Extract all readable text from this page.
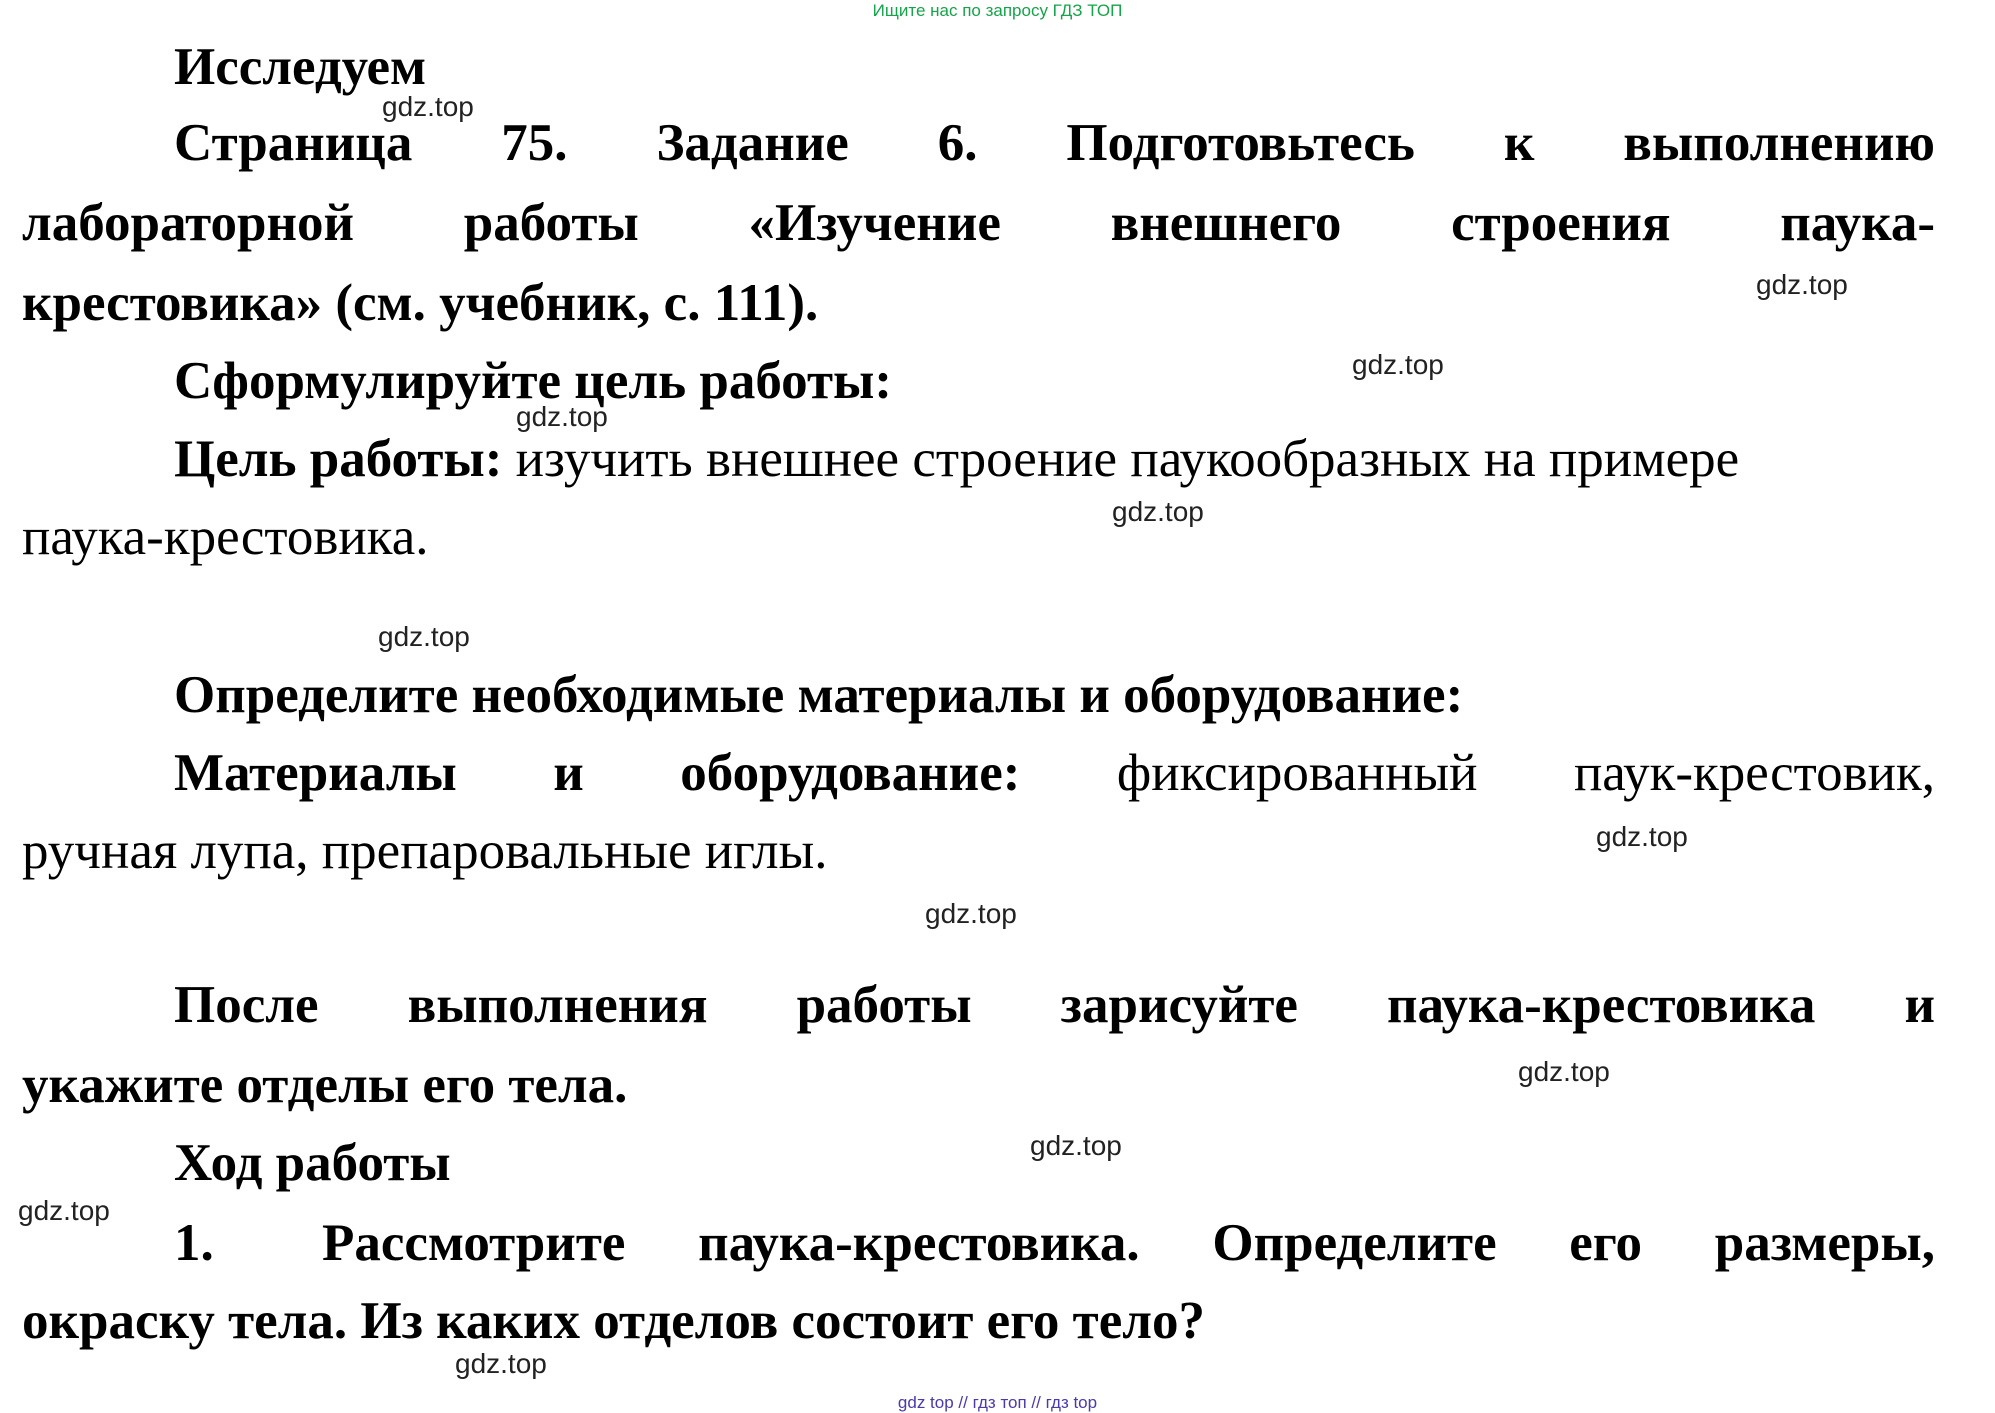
Ищите нас по запросу ГДЗ ТОП
Исследуем
Страница 75. Задание 6. Подготовьтесь к выполнению
лабораторной работы «Изучение внешнего строения паука-
крестовика» (см. учебник, с. 111).
Сформулируйте цель работы:
Цель работы: изучить внешнее строение паукообразных на примере
паука-крестовика.
Определите необходимые материалы и оборудование:
Материалы и оборудование: фиксированный паук-крестовик,
ручная лупа, препаровальные иглы.
После выполнения работы зарисуйте паука-крестовика и
укажите отделы его тела.
Ход работы
1. Рассмотрите паука-крестовика. Определите его размеры,
окраску тела. Из каких отделов состоит его тело?
gdz.top
gdz.top
gdz.top
gdz.top
gdz.top
gdz.top
gdz.top
gdz.top
gdz.top
gdz.top
gdz.top
gdz.top
gdz top // гдз топ // гдз top
